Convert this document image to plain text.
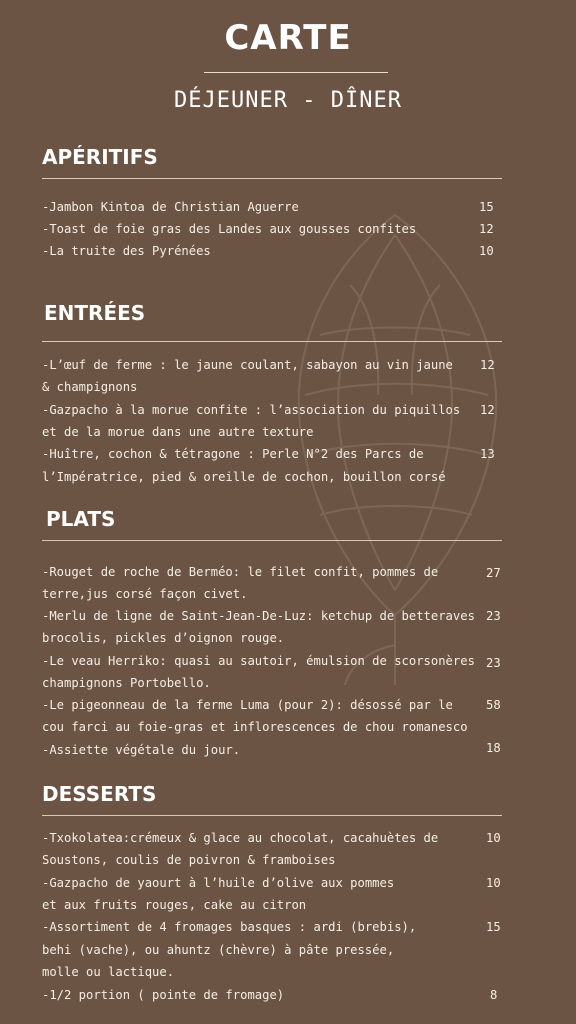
CARTE
DÉJEUNER - DÎNER
APÉRITIFS
-Jambon Kintoa de Christian Aguerre
-Toast de foie gras des Landes aux gousses confites
-La truite des Pyrénées
15
12
10
ENTRÉES
-L’œuf de ferme : le jaune coulant, sabayon au vin jaune
& champignons
-Gazpacho à la morue confite : l’association du piquillos
et de la morue dans une autre texture
-Huître, cochon & tétragone : Perle N°2 des Parcs de
l’Impératrice, pied & oreille de cochon, bouillon corsé
12
12
13
PLATS
-Rouget de roche de Berméo: le filet confit, pommes de
terre,jus corsé façon civet.
-Merlu de ligne de Saint-Jean-De-Luz: ketchup de betteraves
brocolis, pickles d’oignon rouge.
-Le veau Herriko: quasi au sautoir, émulsion de scorsonères
champignons Portobello.
-Le pigeonneau de la ferme Luma (pour 2): désossé par le
cou farci au foie-gras et inflorescences de chou romanesco
-Assiette végétale du jour.
27
23
23
58
18
DESSERTS
-Txokolatea:crémeux & glace au chocolat, cacahuètes de
Soustons, coulis de poivron & framboises
-Gazpacho de yaourt à l’huile d’olive aux pommes
et aux fruits rouges, cake au citron
-Assortiment de 4 fromages basques : ardi (brebis),
behi (vache), ou ahuntz (chèvre) à pâte pressée,
molle ou lactique.
-1/2 portion ( pointe de fromage)
10
10
15
8
